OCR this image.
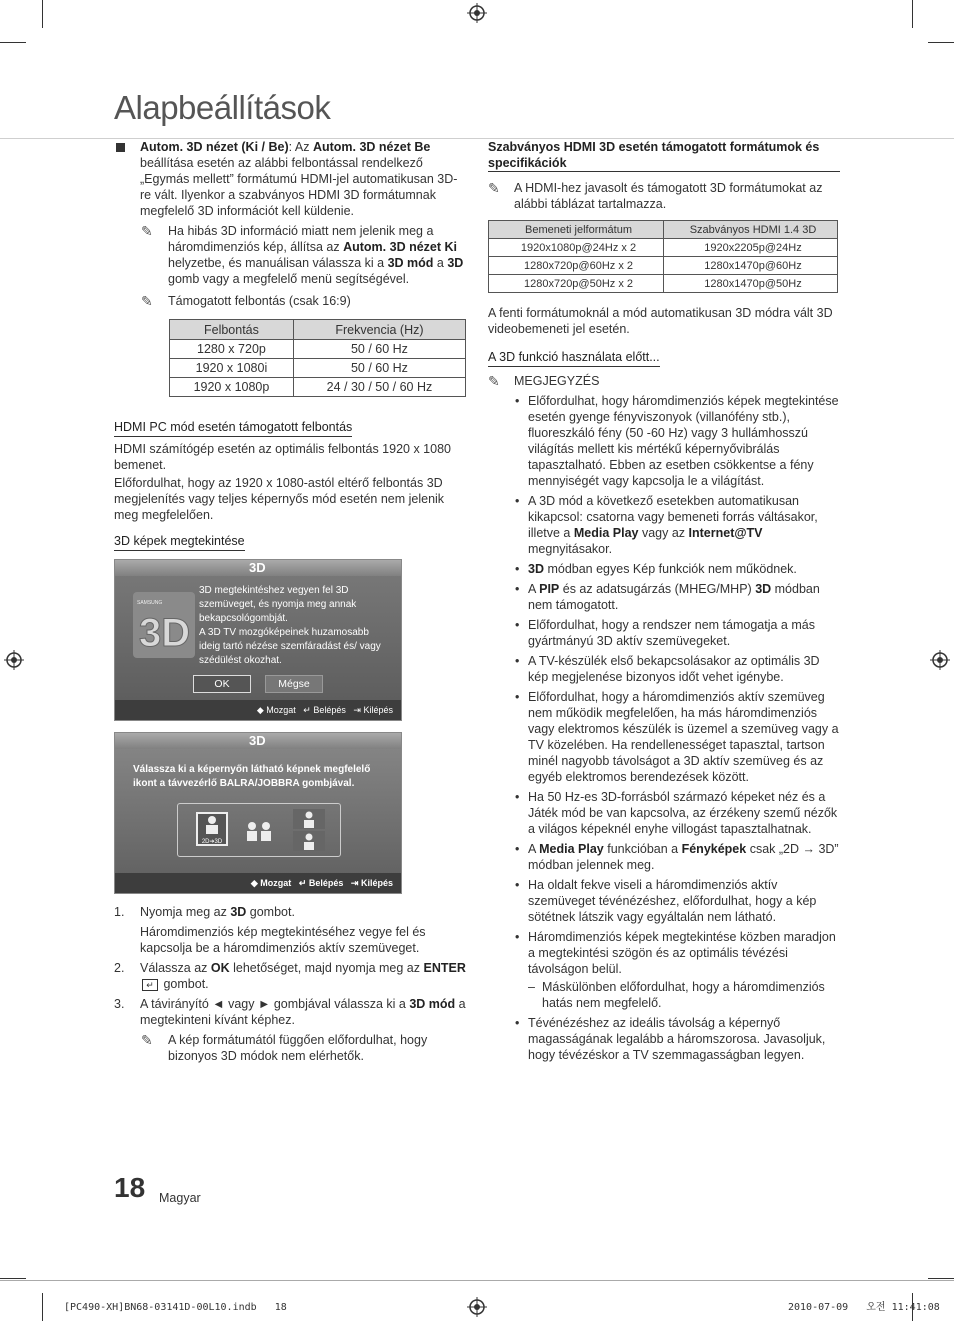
Alapbeállítások
Autom. 3D nézet (Ki / Be): Az Autom. 3D nézet Be beállítása esetén az alábbi felbontással rendelkező „Egymás mellett” formátumú HDMI-jel automatikusan 3D-re vált. Ilyenkor a szabványos HDMI 3D formátumnak megfelelő 3D információt kell küldenie.
✎ Ha hibás 3D információ miatt nem jelenik meg a háromdimenziós kép, állítsa az Autom. 3D nézet Ki helyzetbe, és manuálisan válassza ki a 3D mód a 3D gomb vagy a megfelelő menü segítségével.
✎ Támogatott felbontás (csak 16:9)
Felbontás	Frekvencia (Hz)
1280 x 720p	50 / 60 Hz
1920 x 1080i	50 / 60 Hz
1920 x 1080p	24 / 30 / 50 / 60 Hz
HDMI PC mód esetén támogatott felbontás

HDMI számítógép esetén az optimális felbontás 1920 x 1080 bemenet.

Előfordulhat, hogy az 1920 x 1080-astól eltérő felbontás 3D megjelenítés vagy teljes képernyős mód esetén nem jelenik meg megfelelően.

3D képek megtekintése
3D
SAMSUNG
3D
3D megtekintéshez vegyen fel 3D szemüveget, és nyomja meg annak bekapcsológombját.
A 3D TV mozgóképeinek huzamosabb ideig tartó nézése szemfáradást és/ vagy szédülést okozhat.
OK	Mégse
◆ Mozgat ↵ Belépés ⇥ Kilépés
3D
Válassza ki a képernyőn látható képnek megfelelő ikont a távvezérlő BALRA/JOBBRA gombjával.
2D➔3D
◆ Mozgat ↵ Belépés ⇥ Kilépés
1. Nyomja meg az 3D gombot.
Háromdimenziós kép megtekintéséhez vegye fel és kapcsolja be a háromdimenziós aktív szemüveget.
2. Válassza az OK lehetőséget, majd nyomja meg az ENTER↵ gombot.
3. A távirányító ◄ vagy ► gombjával válassza ki a 3D mód a megtekinteni kívánt képhez.
✎ A kép formátumától függően előfordulhat, hogy bizonyos 3D módok nem elérhetők.
Szabványos HDMI 3D esetén támogatott formátumok és specifikációk
✎ A HDMI-hez javasolt és támogatott 3D formátumokat az alábbi táblázat tartalmazza.
Bemeneti jelformátum	Szabványos HDMI 1.4 3D
1920x1080p@24Hz x 2	1920x2205p@24Hz
1280x720p@60Hz x 2	1280x1470p@60Hz
1280x720p@50Hz x 2	1280x1470p@50Hz

A fenti formátumoknál a mód automatikusan 3D módra vált 3D videobemeneti jel esetén.

A 3D funkció használata előtt...
✎ MEGJEGYZÉS
• Előfordulhat, hogy háromdimenziós képek megtekintése esetén gyenge fényviszonyok (villanófény stb.), fluoreszkáló fény (50 -60 Hz) vagy 3 hullámhosszú világítás mellett kis mértékű képernyővibrálás tapasztalható. Ebben az esetben csökkentse a fény mennyiségét vagy kapcsolja le a világítást.
• A 3D mód a következő esetekben automatikusan kikapcsol: csatorna vagy bemeneti forrás váltásakor, illetve a Media Play vagy az Internet@TV megnyitásakor.
• 3D módban egyes Kép funkciók nem működnek.
• A PIP és az adatsugárzás (MHEG/MHP) 3D módban nem támogatott.
• Előfordulhat, hogy a rendszer nem támogatja a más gyártmányú 3D aktív szemüvegeket.
• A TV-készülék első bekapcsolásakor az optimális 3D kép megjelenése bizonyos időt vehet igénybe.
• Előfordulhat, hogy a háromdimenziós aktív szemüveg nem működik megfelelően, ha más háromdimenziós vagy elektromos készülék is üzemel a szemüveg vagy a TV közelében. Ha rendellenességet tapasztal, tartson minél nagyobb távolságot a 3D aktív szemüveg és az egyéb elektromos berendezések között.
• Ha 50 Hz-es 3D-forrásból származó képeket néz és a Játék mód be van kapcsolva, az érzékeny szemű nézők a világos képeknél enyhe villogást tapasztalhatnak.
• A Media Play funkcióban a Fényképek csak „2D → 3D” módban jelennek meg.
• Ha oldalt fekve viseli a háromdimenziós aktív szemüveget tévénézéshez, előfordulhat, hogy a kép sötétnek látszik vagy egyáltalán nem látható.
• Háromdimenziós képek megtekintése közben maradjon a megtekintési szögön és az optimális tévézési távolságon belül.
– Máskülönben előfordulhat, hogy a háromdimenziós hatás nem megfelelő.
• Tévénézéshez az ideális távolság a képernyő magasságának legalább a háromszorosa. Javasoljuk, hogy tévézéskor a TV szemmagasságban legyen.
18 Magyar
[PC490-XH]BN68-03141D-00L10.indb   18	2010-07-09   오전 11:41:08
